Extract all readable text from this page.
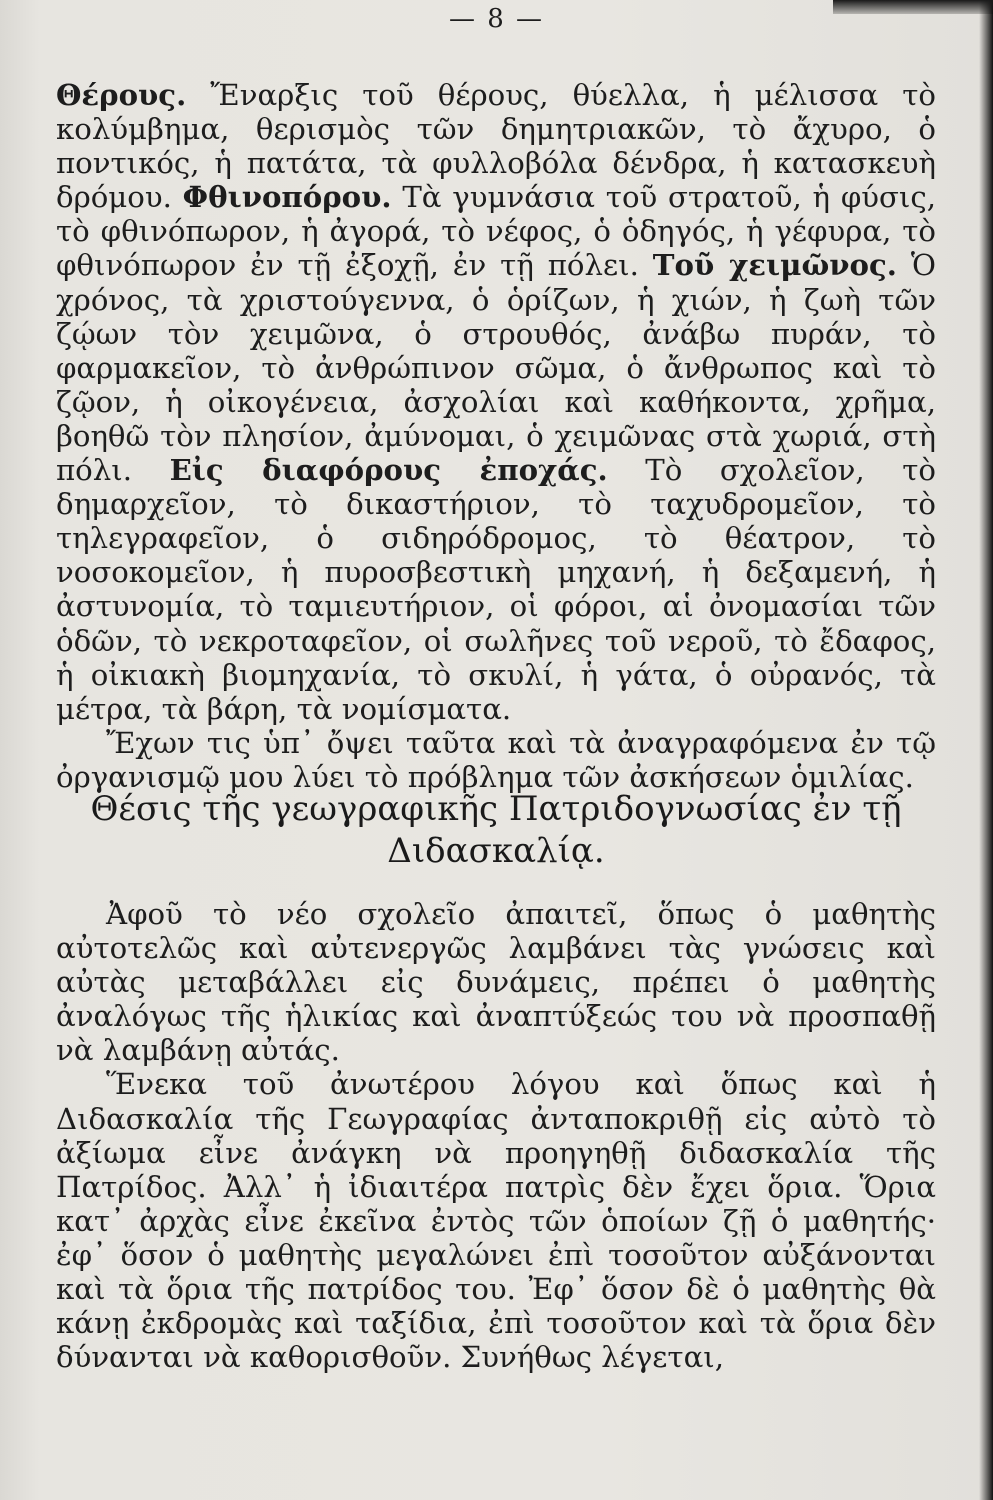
— 8 —

Θέρους. Ἔναρξις τοῦ θέρους, θύελλα, ἡ μέλισσα τὸ κολύμβημα, θερισμὸς τῶν δημητριακῶν, τὸ ἄχυρο, ὁ ποντικός, ἡ πατάτα, τὰ φυλλοβόλα δένδρα, ἡ κατασκευὴ δρόμου. Φθινοπόρου. Τὰ γυμνάσια τοῦ στρατοῦ, ἡ φύσις, τὸ φθινόπωρον, ἡ ἀγορά, τὸ νέφος, ὁ ὁδηγός, ἡ γέφυρα, τὸ φθινόπωρον ἐν τῇ ἐξοχῇ, ἐν τῇ πόλει. Τοῦ χειμῶνος. Ὁ χρόνος, τὰ χριστούγεννα, ὁ ὁρίζων, ἡ χιών, ἡ ζωὴ τῶν ζῴων τὸν χειμῶνα, ὁ στρουθός, ἀνάβω πυράν, τὸ φαρμακεῖον, τὸ ἀνθρώπινον σῶμα, ὁ ἄνθρωπος καὶ τὸ ζῷον, ἡ οἰκογένεια, ἀσχολίαι καὶ καθήκοντα, χρῆμα, βοηθῶ τὸν πλησίον, ἀμύνομαι, ὁ χειμῶνας στὰ χωριά, στὴ πόλι. Εἰς διαφόρους ἐποχάς. Τὸ σχολεῖον, τὸ δημαρχεῖον, τὸ δικαστήριον, τὸ ταχυδρομεῖον, τὸ τηλεγραφεῖον, ὁ σιδηρόδρομος, τὸ θέατρον, τὸ νοσοκομεῖον, ἡ πυροσβεστικὴ μηχανή, ἡ δεξαμενή, ἡ ἀστυνομία, τὸ ταμιευτήριον, οἱ φόροι, αἱ ὀνομασίαι τῶν ὁδῶν, τὸ νεκροταφεῖον, οἱ σωλῆνες τοῦ νεροῦ, τὸ ἔδαφος, ἡ οἰκιακὴ βιομηχανία, τὸ σκυλί, ἡ γάτα, ὁ οὐρανός, τὰ μέτρα, τὰ βάρη, τὰ νομίσματα.

Ἔχων τις ὑπ᾽ ὄψει ταῦτα καὶ τὰ ἀναγραφόμενα ἐν τῷ ὀργανισμῷ μου λύει τὸ πρόβλημα τῶν ἀσκήσεων ὁμιλίας.

Θέσις τῆς γεωγραφικῆς Πατριδογνωσίας ἐν τῇ Διδασκαλίᾳ.

Ἀφοῦ τὸ νέο σχολεῖο ἀπαιτεῖ, ὅπως ὁ μαθητὴς αὐτοτελῶς καὶ αὐτενεργῶς λαμβάνει τὰς γνώσεις καὶ αὐτὰς μεταβάλλει εἰς δυνάμεις, πρέπει ὁ μαθητὴς ἀναλόγως τῆς ἡλικίας καὶ ἀναπτύξεώς του νὰ προσπαθῇ νὰ λαμβάνῃ αὐτάς.

Ἕνεκα τοῦ ἀνωτέρου λόγου καὶ ὅπως καὶ ἡ Διδασκαλία τῆς Γεωγραφίας ἀνταποκριθῇ εἰς αὐτὸ τὸ ἀξίωμα εἶνε ἀνάγκη νὰ προηγηθῇ διδασκαλία τῆς Πατρίδος. Ἀλλ᾽ ἡ ἰδιαιτέρα πατρὶς δὲν ἔχει ὅρια. Ὅρια κατ᾽ ἀρχὰς εἶνε ἐκεῖνα ἐντὸς τῶν ὁποίων ζῇ ὁ μαθητής· ἐφ᾽ ὅσον ὁ μαθητὴς μεγαλώνει ἐπὶ τοσοῦτον αὐξάνονται καὶ τὰ ὅρια τῆς πατρίδος του. Ἐφ᾽ ὅσον δὲ ὁ μαθητὴς θὰ κάνῃ ἐκδρομὰς καὶ ταξίδια, ἐπὶ τοσοῦτον καὶ τὰ ὅρια δὲν δύνανται νὰ καθορισθοῦν. Συνήθως λέγεται,
